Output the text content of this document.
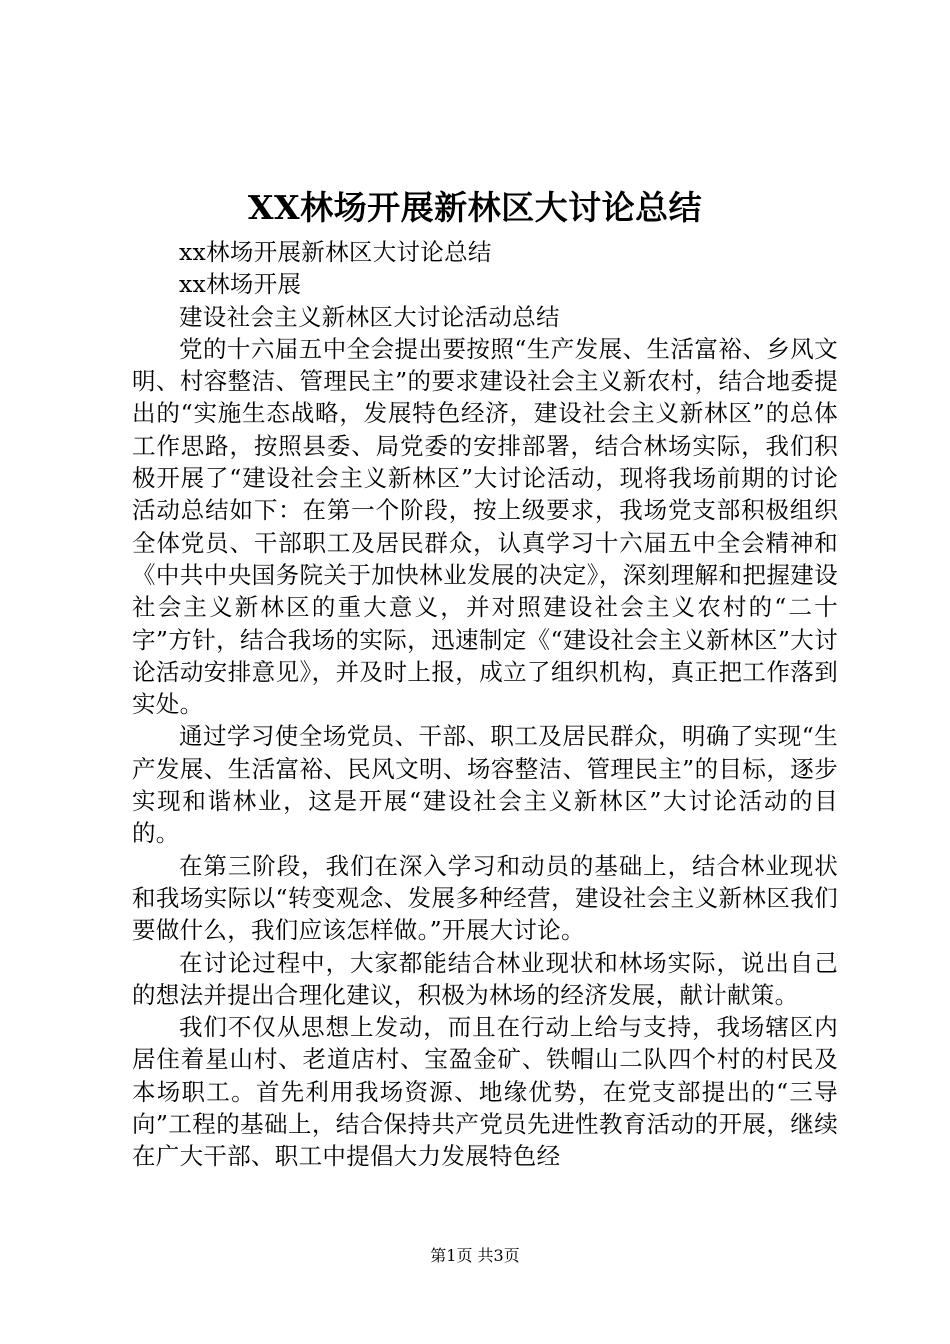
XX林场开展新林区大讨论总结

xx林场开展新林区大讨论总结

xx林场开展

建设社会主义新林区大讨论活动总结

党的十六届五中全会提出要按照“生产发展、生活富裕、乡风文明、村容整洁、管理民主”的要求建设社会主义新农村，结合地委提出的“实施生态战略，发展特色经济，建设社会主义新林区”的总体工作思路，按照县委、局党委的安排部署，结合林场实际，我们积极开展了“建设社会主义新林区”大讨论活动，现将我场前期的讨论活动总结如下：在第一个阶段，按上级要求，我场党支部积极组织全体党员、干部职工及居民群众，认真学习十六届五中全会精神和《中共中央国务院关于加快林业发展的决定》，深刻理解和把握建设社会主义新林区的重大意义，并对照建设社会主义农村的“二十字”方针，结合我场的实际，迅速制定《“建设社会主义新林区”大讨论活动安排意见》，并及时上报，成立了组织机构，真正把工作落到实处。

通过学习使全场党员、干部、职工及居民群众，明确了实现“生产发展、生活富裕、民风文明、场容整洁、管理民主”的目标，逐步实现和谐林业，这是开展“建设社会主义新林区”大讨论活动的目的。

在第三阶段，我们在深入学习和动员的基础上，结合林业现状和我场实际以“转变观念、发展多种经营，建设社会主义新林区我们要做什么，我们应该怎样做。”开展大讨论。

在讨论过程中，大家都能结合林业现状和林场实际，说出自己的想法并提出合理化建议，积极为林场的经济发展，献计献策。

我们不仅从思想上发动，而且在行动上给与支持，我场辖区内居住着星山村、老道店村、宝盈金矿、铁帽山二队四个村的村民及本场职工。首先利用我场资源、地缘优势，在党支部提出的“三导向”工程的基础上，结合保持共产党员先进性教育活动的开展，继续在广大干部、职工中提倡大力发展特色经

第1页 共3页
